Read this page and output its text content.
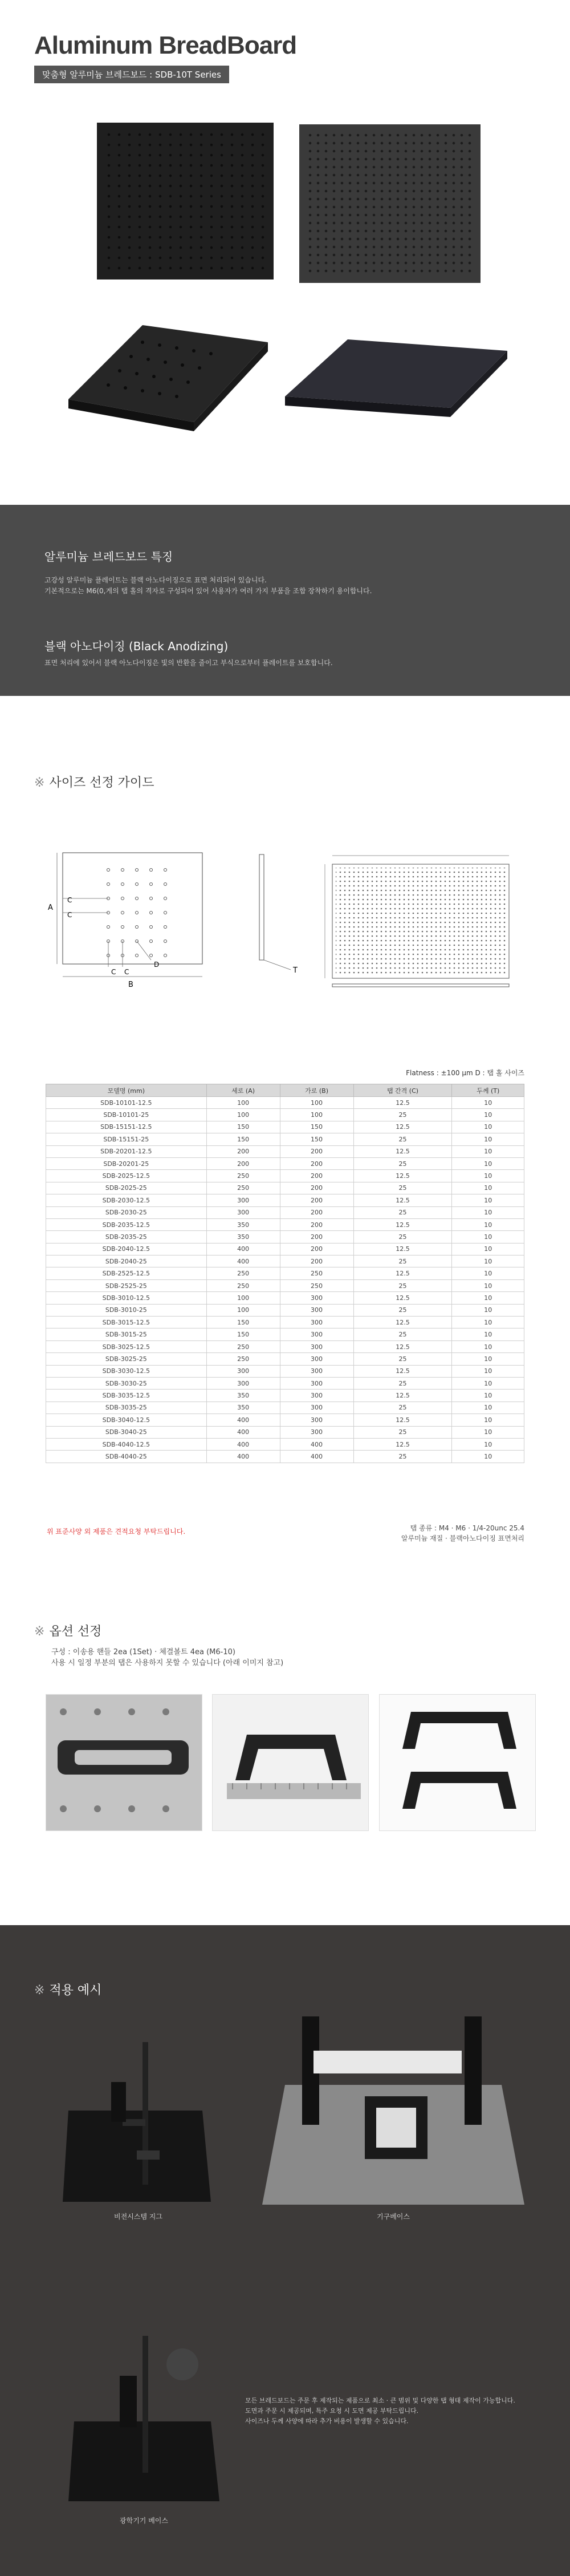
Aluminum BreadBoard
맞춤형 알루미늄 브레드보드 : SDB-10T Series
알루미늄 브레드보드 특징

고강성 알루미늄 플레이트는 블랙 아노다이징으로 표면 처리되어 있습니다.

기본적으로는 M6(0,게의 탭 홀의 격자로 구성되어 있어 사용자가 여러 가지 부품을 조합 장착하기 용이합니다.

블랙 아노다이징 (Black Anodizing)

표면 처리에 있어서 블랙 아노다이징은 빛의 반환을 줄이고 부식으로부터 플레이트를 보호합니다.

※ 사이즈 선정 가이드
A
B
C
C
C C
D
T
Flatness : ±100 μm D : 탭 홀 사이즈
모델명 (mm)	세로 (A)	가로 (B)	탭 간격 (C)	두께 (T)
SDB-10101-12.5	100	100	12.5	10
SDB-10101-25	100	100	25	10
SDB-15151-12.5	150	150	12.5	10
SDB-15151-25	150	150	25	10
SDB-20201-12.5	200	200	12.5	10
SDB-20201-25	200	200	25	10
SDB-2025-12.5	250	200	12.5	10
SDB-2025-25	250	200	25	10
SDB-2030-12.5	300	200	12.5	10
SDB-2030-25	300	200	25	10
SDB-2035-12.5	350	200	12.5	10
SDB-2035-25	350	200	25	10
SDB-2040-12.5	400	200	12.5	10
SDB-2040-25	400	200	25	10
SDB-2525-12.5	250	250	12.5	10
SDB-2525-25	250	250	25	10
SDB-3010-12.5	100	300	12.5	10
SDB-3010-25	100	300	25	10
SDB-3015-12.5	150	300	12.5	10
SDB-3015-25	150	300	25	10
SDB-3025-12.5	250	300	12.5	10
SDB-3025-25	250	300	25	10
SDB-3030-12.5	300	300	12.5	10
SDB-3030-25	300	300	25	10
SDB-3035-12.5	350	300	12.5	10
SDB-3035-25	350	300	25	10
SDB-3040-12.5	400	300	12.5	10
SDB-3040-25	400	300	25	10
SDB-4040-12.5	400	400	12.5	10
SDB-4040-25	400	400	25	10
위 표준사양 외 제품은 견적요청 부탁드립니다.	탭 종류 : M4 · M6 · 1/4-20unc 25.4
알루미늄 재질 · 블랙아노다이징 표면처리
※ 옵션 선정
구성 : 이송용 핸들 2ea (1Set) · 체결볼트 4ea (M6-10)
사용 시 일정 부분의 탭은 사용하지 못할 수 있습니다 (아래 이미지 참고)
※ 적용 예시
비전시스템 지그	기구베이스
광학기기 베이스
모든 브레드보드는 주문 후 제작되는 제품으로 최소 · 큰 범위 및 다양한 탭 형태 제작이 가능합니다.
도면과 주문 시 제공되며, 특주 요청 시 도면 제공 부탁드립니다.
사이즈나 두께 사양에 따라 추가 비용이 발생할 수 있습니다.
